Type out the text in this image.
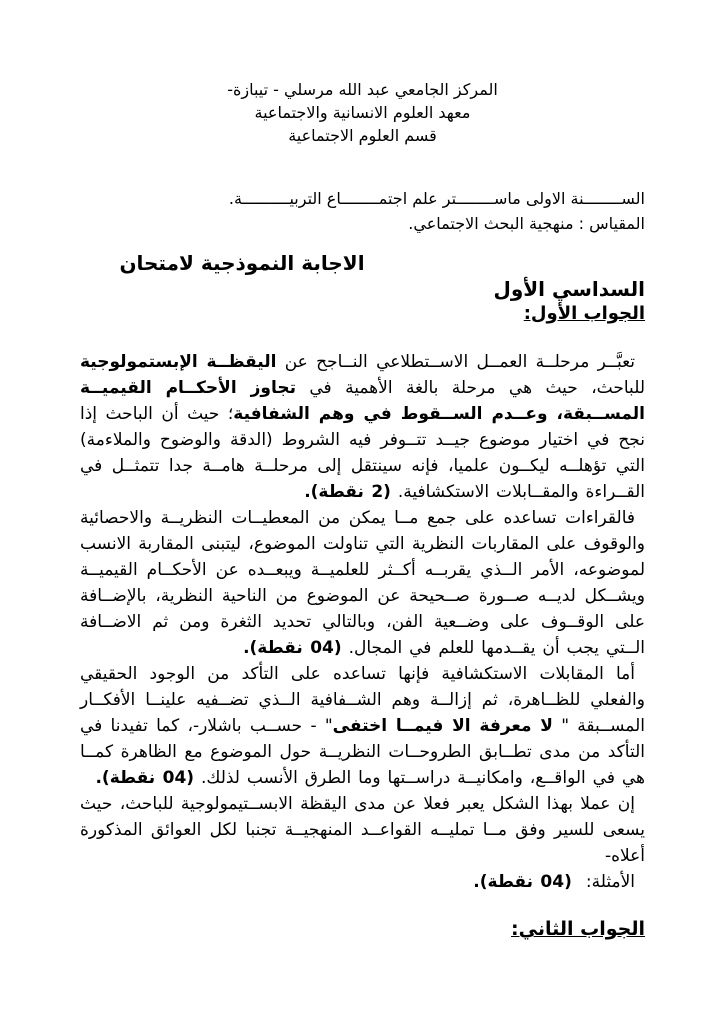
المركز الجامعي عبد الله مرسلي - تيبازة-
معهد العلوم الانسانية والاجتماعية
قسم العلوم الاجتماعية
الســــــــنة الاولى ماســــــــتر علم اجتمــــــــاع التربيــــــــــة.
المقياس : منهجية البحث الاجتماعي.
الاجابة النموذجية لامتحان
السداسي الأول
الجواب الأول:

تعبَّــر مرحلــة العمــل الاســتطلاعي النــاجح عن اليقظــة الإبستمولوجية للباحث، حيث هي مرحلة بالغة الأهمية في تجاوز الأحكــام القيميــة المســبقة، وعــدم الســقوط في وهم الشفافية؛ حيث أن الباحث إذا نجح في اختيار موضوع جيــد تتــوفر فيه الشروط (الدقة والوضوح والملاءمة) التي تؤهلــه ليكــون علميا، فإنه سينتقل إلى مرحلــة هامــة جدا تتمثــل في القــراءة والمقــابلات الاستكشافية. (2 نقطة).

فالقراءات تساعده على جمع مــا يمكن من المعطيــات النظريــة والاحصائية والوقوف على المقاربات النظرية التي تناولت الموضوع، ليتبنى المقاربة الانسب لموضوعه، الأمر الــذي يقربــه أكــثر للعلميــة ويبعــده عن الأحكــام القيميــة ويشــكل لديــه صــورة صــحيحة عن الموضوع من الناحية النظرية، بالإضــافة على الوقــوف على وضــعية الفن، وبالتالي تحديد الثغرة ومن ثم الاضــافة الــتي يجب أن يقــدمها للعلم في المجال. (04 نقطة).

أما المقابلات الاستكشافية فإنها تساعده على التأكد من الوجود الحقيقي والفعلي للظــاهرة، ثم إزالــة وهم الشــفافية الــذي تضــفيه علينــا الأفكــار المســبقة " لا معرفة الا فيمــا اختفى" - حســب باشلار-، كما تفيدنا في التأكد من مدى تطــابق الطروحــات النظريــة حول الموضوع مع الظاهرة كمــا هي في الواقــع، وامكانيــة دراســتها وما الطرق الأنسب لذلك. (04 نقطة).

إن عملا بهذا الشكل يعبر فعلا عن مدى اليقظة الابســتيمولوجية للباحث، حيث يسعى للسير وفق مــا تمليــه القواعــد المنهجيــة تجنبا لكل العوائق المذكورة أعلاه-

الأمثلة:(04 نقطة).

الجواب الثاني:
